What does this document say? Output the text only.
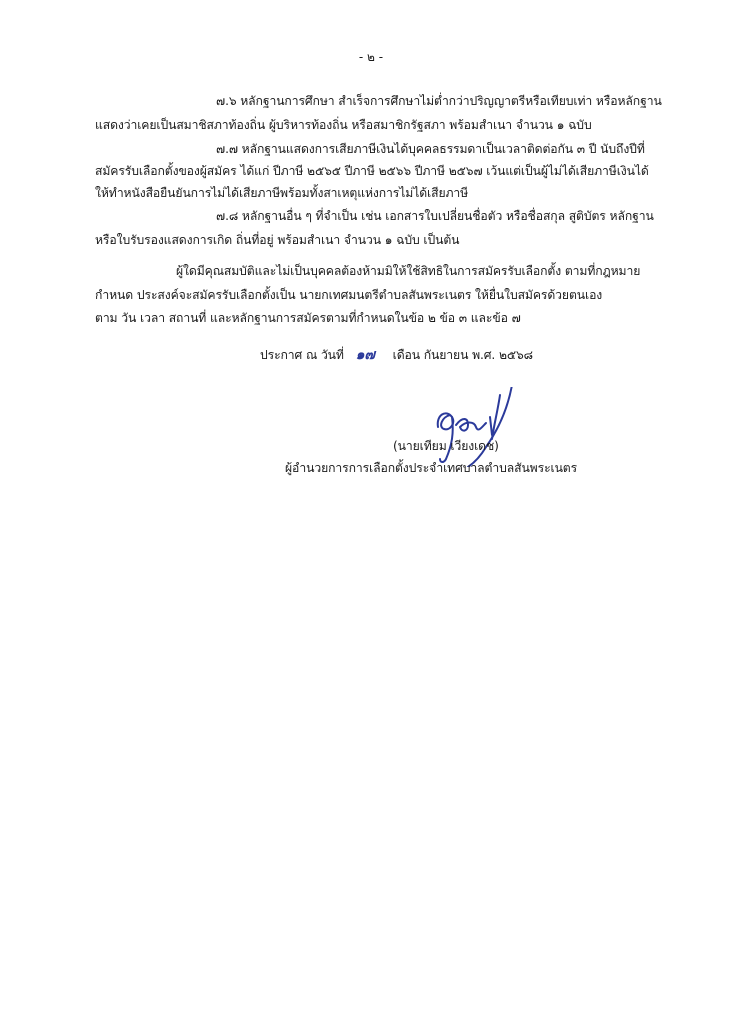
- ๒ -
๗.๖ หลักฐานการศึกษา สำเร็จการศึกษาไม่ต่ำกว่าปริญญาตรีหรือเทียบเท่า หรือหลักฐาน
แสดงว่าเคยเป็นสมาชิสภาท้องถิ่น ผู้บริหารท้องถิ่น หรือสมาชิกรัฐสภา พร้อมสำเนา จำนวน ๑ ฉบับ
๗.๗ หลักฐานแสดงการเสียภาษีเงินได้บุคคลธรรมดาเป็นเวลาติดต่อกัน ๓ ปี นับถึงปีที่
สมัครรับเลือกตั้งของผู้สมัคร ได้แก่ ปีภาษี ๒๕๖๕ ปีภาษี ๒๕๖๖ ปีภาษี ๒๕๖๗ เว้นแต่เป็นผู้ไม่ได้เสียภาษีเงินได้
ให้ทำหนังสือยืนยันการไม่ได้เสียภาษีพร้อมทั้งสาเหตุแห่งการไม่ได้เสียภาษี
๗.๘ หลักฐานอื่น ๆ ที่จำเป็น เช่น เอกสารใบเปลี่ยนชื่อตัว หรือชื่อสกุล สูติบัตร หลักฐาน
หรือใบรับรองแสดงการเกิด ถิ่นที่อยู่ พร้อมสำเนา จำนวน ๑ ฉบับ เป็นต้น
ผู้ใดมีคุณสมบัติและไม่เป็นบุคคลต้องห้ามมิให้ใช้สิทธิในการสมัครรับเลือกตั้ง ตามที่กฎหมาย
กำหนด ประสงค์จะสมัครรับเลือกตั้งเป็น นายกเทศมนตรีตำบลสันพระเนตร ให้ยื่นใบสมัครด้วยตนเอง
ตาม วัน เวลา สถานที่ และหลักฐานการสมัครตามที่กำหนดในข้อ ๒ ข้อ ๓ และข้อ ๗
ประกาศ ณ วันที่ ๑๗ เดือน กันยายน พ.ศ. ๒๕๖๘
(นายเทียม เวียงเดช)
ผู้อำนวยการการเลือกตั้งประจำเทศบาลตำบลสันพระเนตร
